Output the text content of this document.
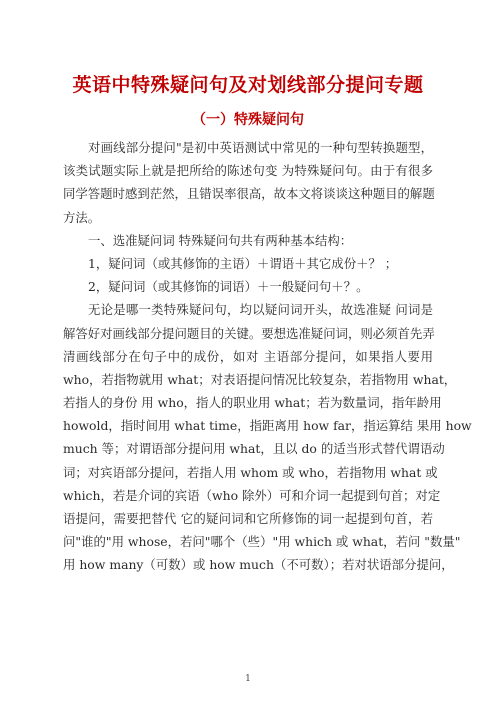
英语中特殊疑问句及对划线部分提问专题
（一）特殊疑问句
对画线部分提问"是初中英语测试中常见的一种句型转换题型，
该类试题实际上就是把所给的陈述句变 为特殊疑问句。由于有很多
同学答题时感到茫然，且错误率很高，故本文将谈谈这种题目的解题
方法。
一、选准疑问词 特殊疑问句共有两种基本结构：
1，疑问词（或其修饰的主语）＋谓语＋其它成份＋？ ；
2，疑问词（或其修饰的词语）＋一般疑问句＋？。
无论是哪一类特殊疑问句，均以疑问词开头，故选准疑 问词是
解答好对画线部分提问题目的关键。要想选准疑问词，则必须首先弄
清画线部分在句子中的成份，如对 主语部分提问，如果指人要用
who，若指物就用 what；对表语提问情况比较复杂，若指物用 what，
若指人的身份 用 who，指人的职业用 what；若为数量词，指年龄用
howold，指时间用 what time，指距离用 how far，指运算结 果用 how
much 等；对谓语部分提问用 what，且以 do 的适当形式替代谓语动
词；对宾语部分提问，若指人用 whom 或 who，若指物用 what 或
which，若是介词的宾语（who 除外）可和介词一起提到句首；对定
语提问，需要把替代 它的疑问词和它所修饰的词一起提到句首，若
问"谁的"用 whose，若问"哪个（些）"用 which 或 what，若问 "数量"
用 how many（可数）或 how much（不可数）；若对状语部分提问，
1
